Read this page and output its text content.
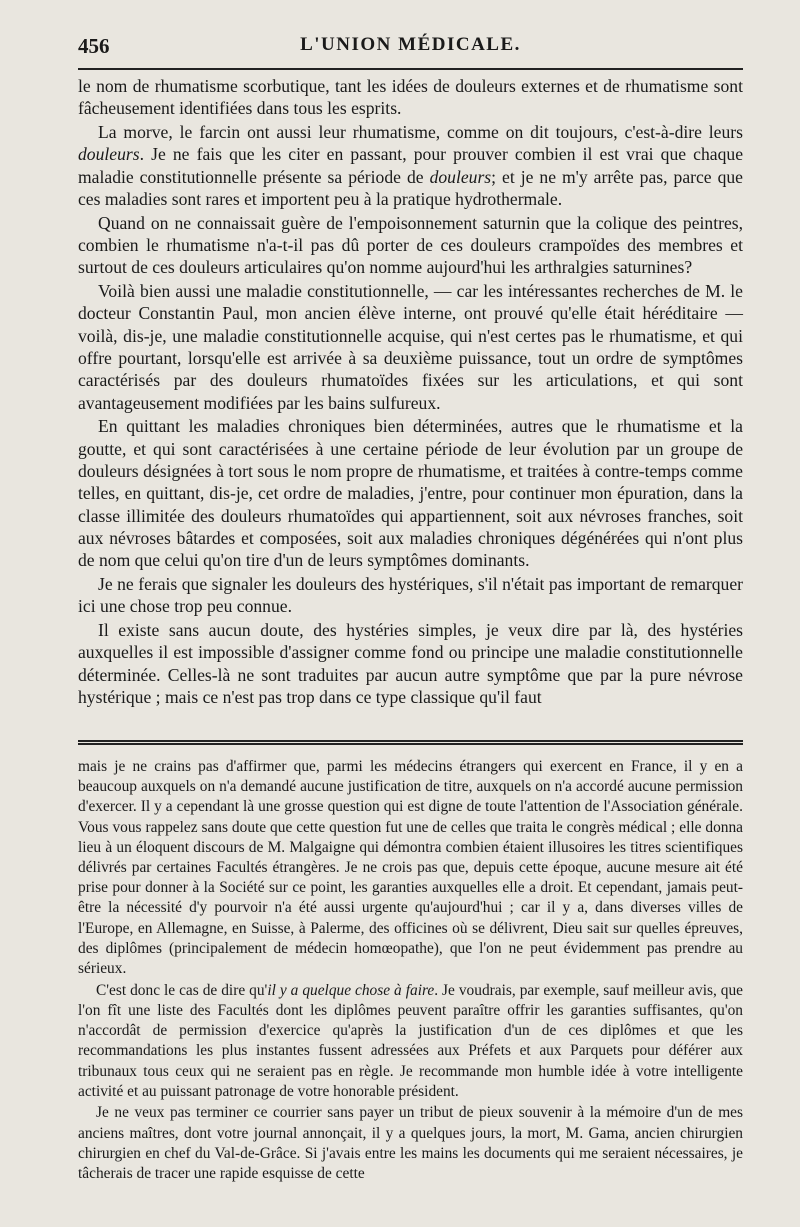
456	L'UNION MÉDICALE.

le nom de rhumatisme scorbutique, tant les idées de douleurs externes et de rhumatisme sont fâcheusement identifiées dans tous les esprits.

La morve, le farcin ont aussi leur rhumatisme, comme on dit toujours, c'est-à-dire leurs douleurs. Je ne fais que les citer en passant, pour prouver combien il est vrai que chaque maladie constitutionnelle présente sa période de douleurs; et je ne m'y arrête pas, parce que ces maladies sont rares et importent peu à la pratique hydrothermale.

Quand on ne connaissait guère de l'empoisonnement saturnin que la colique des peintres, combien le rhumatisme n'a-t-il pas dû porter de ces douleurs crampoïdes des membres et surtout de ces douleurs articulaires qu'on nomme aujourd'hui les arthralgies saturnines?

Voilà bien aussi une maladie constitutionnelle, — car les intéressantes recherches de M. le docteur Constantin Paul, mon ancien élève interne, ont prouvé qu'elle était héréditaire — voilà, dis-je, une maladie constitutionnelle acquise, qui n'est certes pas le rhumatisme, et qui offre pourtant, lorsqu'elle est arrivée à sa deuxième puissance, tout un ordre de symptômes caractérisés par des douleurs rhumatoïdes fixées sur les articulations, et qui sont avantageusement modifiées par les bains sulfureux.

En quittant les maladies chroniques bien déterminées, autres que le rhumatisme et la goutte, et qui sont caractérisées à une certaine période de leur évolution par un groupe de douleurs désignées à tort sous le nom propre de rhumatisme, et traitées à contre-temps comme telles, en quittant, dis-je, cet ordre de maladies, j'entre, pour continuer mon épuration, dans la classe illimitée des douleurs rhumatoïdes qui appartiennent, soit aux névroses franches, soit aux névroses bâtardes et composées, soit aux maladies chroniques dégénérées qui n'ont plus de nom que celui qu'on tire d'un de leurs symptômes dominants.

Je ne ferais que signaler les douleurs des hystériques, s'il n'était pas important de remarquer ici une chose trop peu connue.

Il existe sans aucun doute, des hystéries simples, je veux dire par là, des hystéries auxquelles il est impossible d'assigner comme fond ou principe une maladie constitutionnelle déterminée. Celles-là ne sont traduites par aucun autre symptôme que par la pure névrose hystérique ; mais ce n'est pas trop dans ce type classique qu'il faut

mais je ne crains pas d'affirmer que, parmi les médecins étrangers qui exercent en France, il y en a beaucoup auxquels on n'a demandé aucune justification de titre, auxquels on n'a accordé aucune permission d'exercer. Il y a cependant là une grosse question qui est digne de toute l'attention de l'Association générale. Vous vous rappelez sans doute que cette question fut une de celles que traita le congrès médical ; elle donna lieu à un éloquent discours de M. Malgaigne qui démontra combien étaient illusoires les titres scientifiques délivrés par certaines Facultés étrangères. Je ne crois pas que, depuis cette époque, aucune mesure ait été prise pour donner à la Société sur ce point, les garanties auxquelles elle a droit. Et cependant, jamais peut-être la nécessité d'y pourvoir n'a été aussi urgente qu'aujourd'hui ; car il y a, dans diverses villes de l'Europe, en Allemagne, en Suisse, à Palerme, des officines où se délivrent, Dieu sait sur quelles épreuves, des diplômes (principalement de médecin homœopathe), que l'on ne peut évidemment pas prendre au sérieux.

C'est donc le cas de dire qu'il y a quelque chose à faire. Je voudrais, par exemple, sauf meilleur avis, que l'on fît une liste des Facultés dont les diplômes peuvent paraître offrir les garanties suffisantes, qu'on n'accordât de permission d'exercice qu'après la justification d'un de ces diplômes et que les recommandations les plus instantes fussent adressées aux Préfets et aux Parquets pour déférer aux tribunaux tous ceux qui ne seraient pas en règle. Je recommande mon humble idée à votre intelligente activité et au puissant patronage de votre honorable président.

Je ne veux pas terminer ce courrier sans payer un tribut de pieux souvenir à la mémoire d'un de mes anciens maîtres, dont votre journal annonçait, il y a quelques jours, la mort, M. Gama, ancien chirurgien chirurgien en chef du Val-de-Grâce. Si j'avais entre les mains les documents qui me seraient nécessaires, je tâcherais de tracer une rapide esquisse de cette
